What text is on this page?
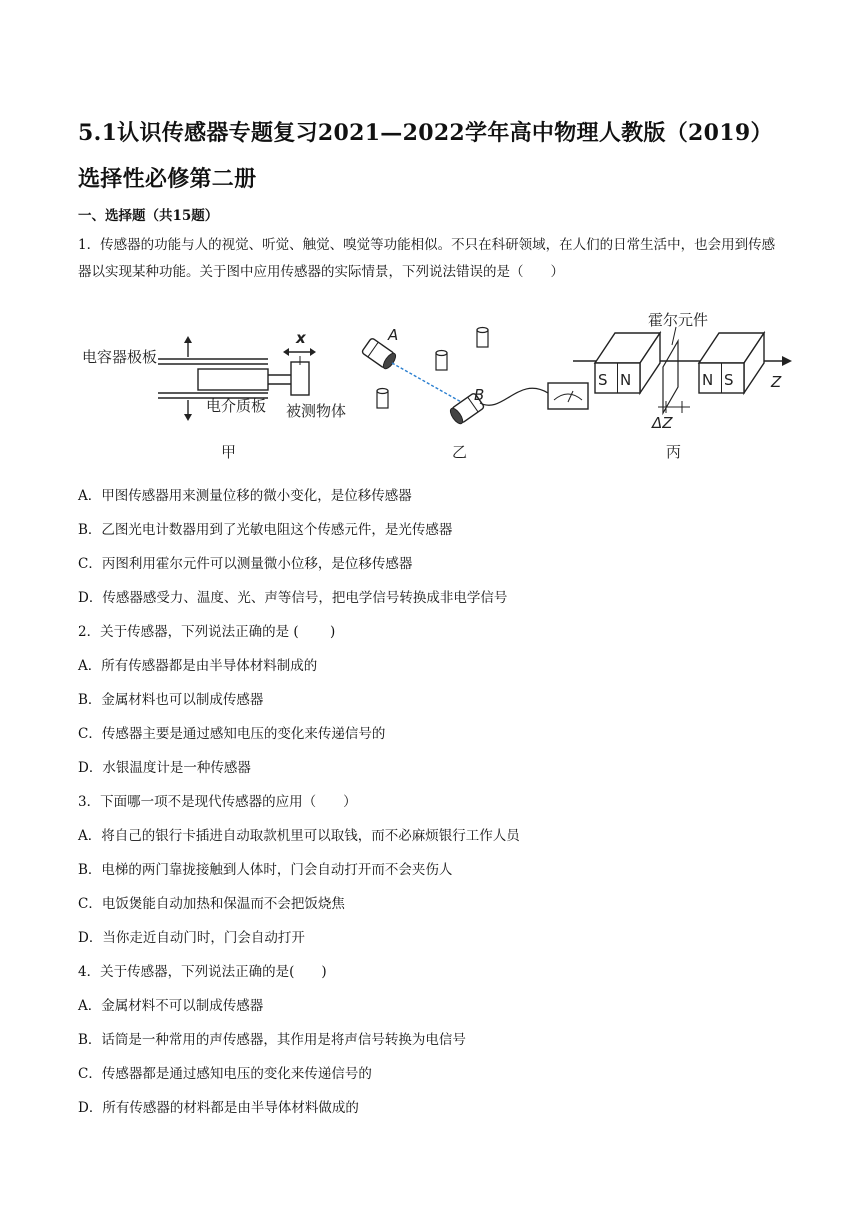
5.1认识传感器专题复习2021—2022学年高中物理人教版（2019）选择性必修第二册
一、选择题（共15题）
1．传感器的功能与人的视觉、听觉、触觉、嗅觉等功能相似。不只在科研领域，在人们的日常生活中，也会用到传感器以实现某种功能。关于图中应用传感器的实际情景，下列说法错误的是（　　）
x
电容器极板
电介质板 被测物体
甲
A
B
乙
霍尔元件
Z
S N	N S
ΔZ
丙
A．甲图传感器用来测量位移的微小变化，是位移传感器
B．乙图光电计数器用到了光敏电阻这个传感元件，是光传感器
C．丙图利用霍尔元件可以测量微小位移，是位移传感器
D．传感器感受力、温度、光、声等信号，把电学信号转换成非电学信号
2．关于传感器，下列说法正确的是 (　　 )
A．所有传感器都是由半导体材料制成的
B．金属材料也可以制成传感器
C．传感器主要是通过感知电压的变化来传递信号的
D．水银温度计是一种传感器
3．下面哪一项不是现代传感器的应用（　　）
A．将自己的银行卡插进自动取款机里可以取钱，而不必麻烦银行工作人员
B．电梯的两门靠拢接触到人体时，门会自动打开而不会夹伤人
C．电饭煲能自动加热和保温而不会把饭烧焦
D．当你走近自动门时，门会自动打开
4．关于传感器，下列说法正确的是(　　)
A．金属材料不可以制成传感器
B．话筒是一种常用的声传感器，其作用是将声信号转换为电信号
C．传感器都是通过感知电压的变化来传递信号的
D．所有传感器的材料都是由半导体材料做成的
